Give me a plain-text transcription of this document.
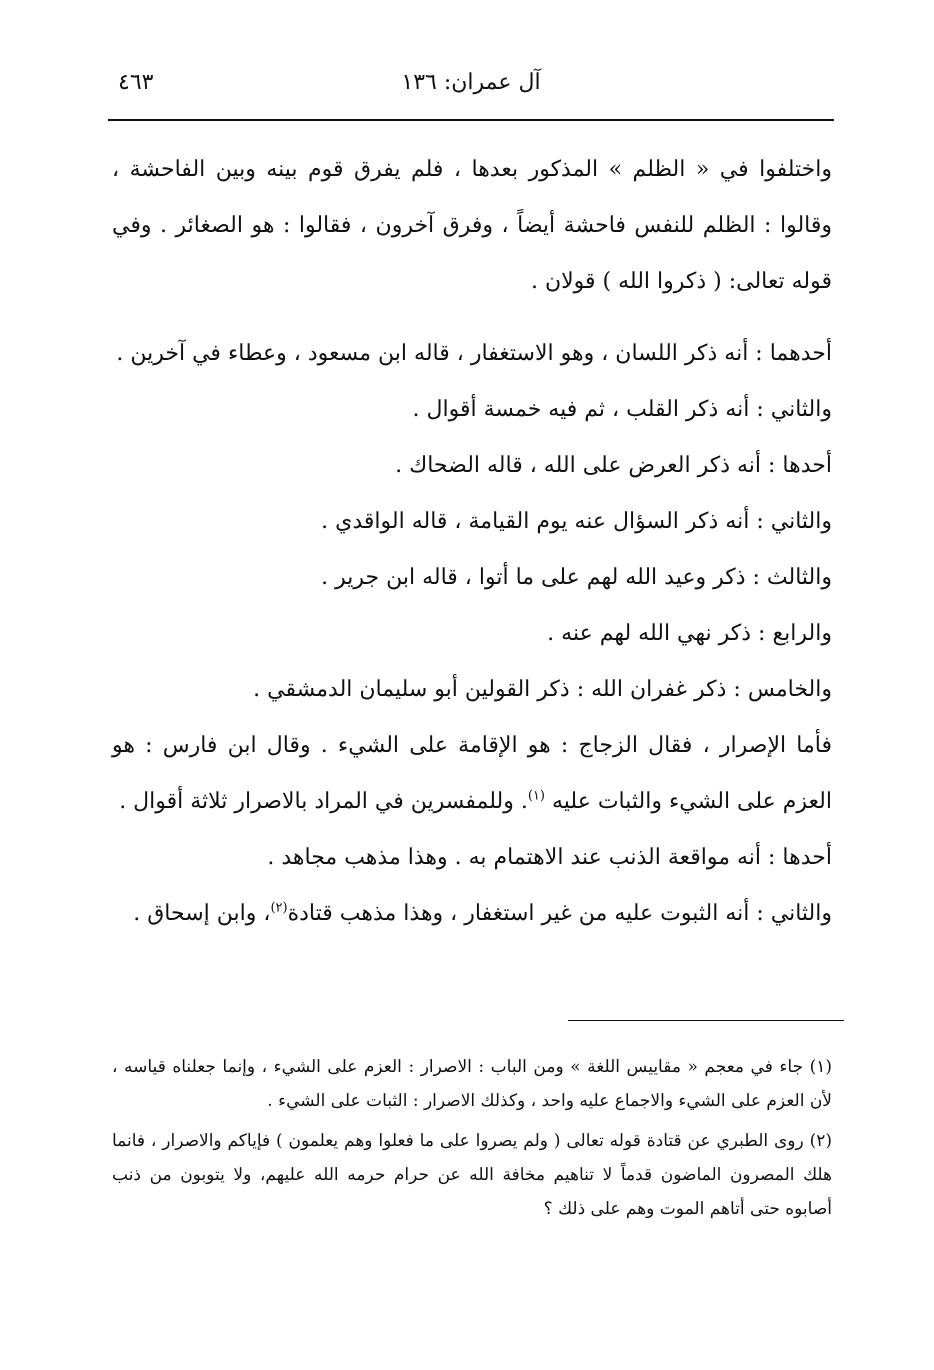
٤٦٣	آل عمران: ١٣٦

واختلفوا في « الظلم » المذكور بعدها ، فلم يفرق قوم بينه وبين الفاحشة ، وقالوا : الظلم للنفس فاحشة أيضاً ، وفرق آخرون ، فقالوا : هو الصغائر . وفي قوله تعالى: ( ذكروا الله ) قولان .

أحدهما : أنه ذكر اللسان ، وهو الاستغفار ، قاله ابن مسعود ، وعطاء في آخرين .

والثاني : أنه ذكر القلب ، ثم فيه خمسة أقوال .

أحدها : أنه ذكر العرض على الله ، قاله الضحاك .

والثاني : أنه ذكر السؤال عنه يوم القيامة ، قاله الواقدي .

والثالث : ذكر وعيد الله لهم على ما أتوا ، قاله ابن جرير .

والرابع : ذكر نهي الله لهم عنه .

والخامس : ذكر غفران الله : ذكر القولين أبو سليمان الدمشقي .

فأما الإصرار ، فقال الزجاج : هو الإقامة على الشيء . وقال ابن فارس : هو العزم على الشيء والثبات عليه $^{(١)}$. وللمفسرين في المراد بالاصرار ثلاثة أقوال .

أحدها : أنه مواقعة الذنب عند الاهتمام به . وهذا مذهب مجاهد .

والثاني : أنه الثبوت عليه من غير استغفار ، وهذا مذهب قتادة$^{(٢)}$، وابن إسحاق .

(١) جاء في معجم « مقاييس اللغة » ومن الباب : الاصرار : العزم على الشيء ، وإنما جعلناه قياسه ، لأن العزم على الشيء والاجماع عليه واحد ، وكذلك الاصرار : الثبات على الشيء .

(٢) روى الطبري عن قتادة قوله تعالى ( ولم يصروا على ما فعلوا وهم يعلمون ) فإياكم والاصرار ، فانما هلك المصرون الماضون قدماً لا تناهيم مخافة الله عن حرام حرمه الله عليهم، ولا يتوبون من ذنب أصابوه حتى أتاهم الموت وهم على ذلك ؟
